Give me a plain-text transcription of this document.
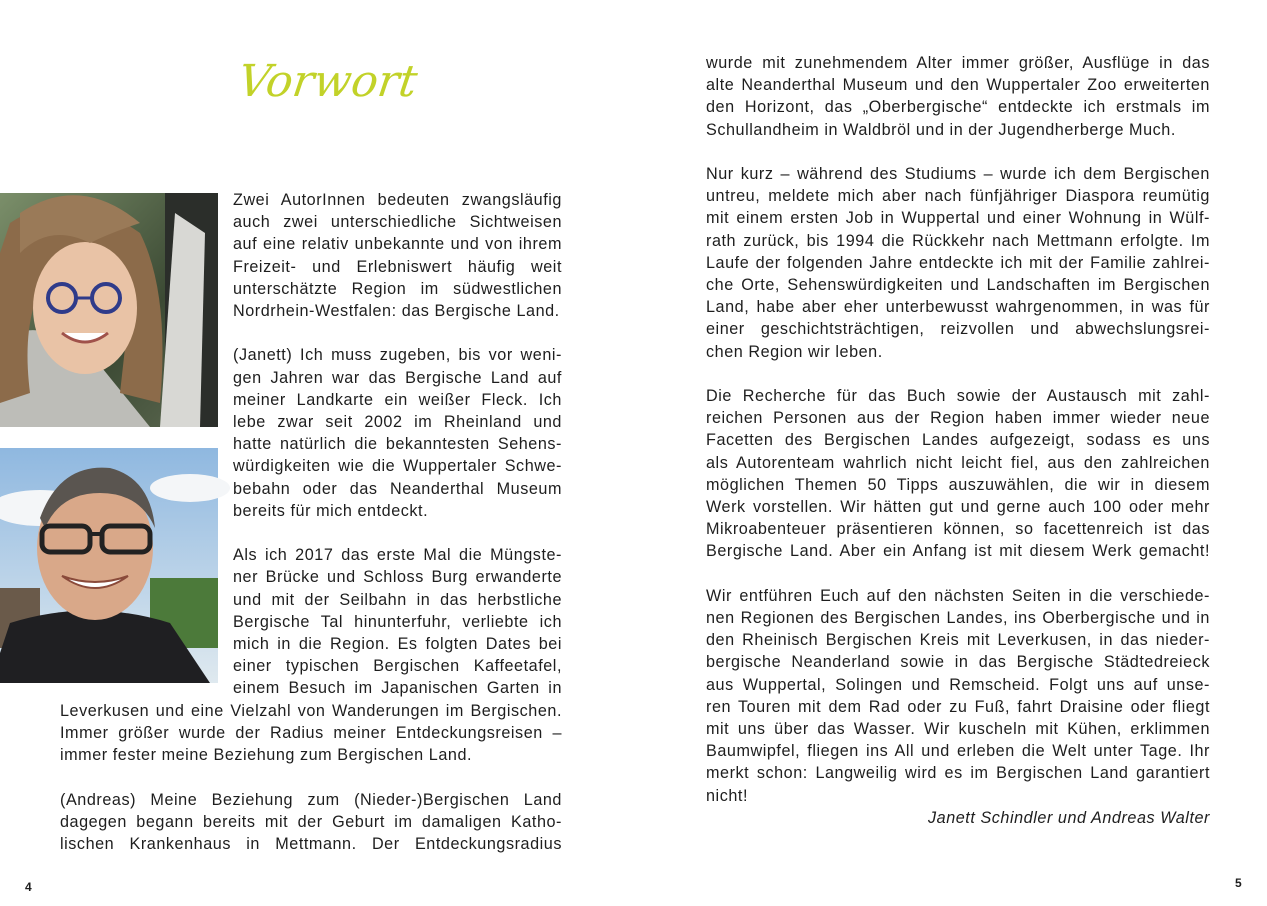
Vorwort

Zwei AutorInnen bedeuten zwangsläufig
auch zwei unterschiedliche Sichtweisen
auf eine relativ unbekannte und von ihrem
Freizeit- und Erlebniswert häufig weit
unterschätzte Region im südwestlichen
Nordrhein-Westfalen: das Bergische Land.

(Janett) Ich muss zugeben, bis vor weni-
gen Jahren war das Bergische Land auf
meiner Landkarte ein weißer Fleck. Ich
lebe zwar seit 2002 im Rheinland und
hatte natürlich die bekanntesten Sehens-
würdigkeiten wie die Wuppertaler Schwe-
bebahn oder das Neanderthal Museum
bereits für mich entdeckt.

Als ich 2017 das erste Mal die Müngste-
ner Brücke und Schloss Burg erwanderte
und mit der Seilbahn in das herbstliche
Bergische Tal hinunterfuhr, verliebte ich
mich in die Region. Es folgten Dates bei
einer typischen Bergischen Kaffeetafel,
einem Besuch im Japanischen Garten in

Leverkusen und eine Vielzahl von Wanderungen im Bergischen.
Immer größer wurde der Radius meiner Entdeckungsreisen –
immer fester meine Beziehung zum Bergischen Land.

(Andreas) Meine Beziehung zum (Nieder-)Bergischen Land
dagegen begann bereits mit der Geburt im damaligen Katho-
lischen Krankenhaus in Mettmann. Der Entdeckungsradius

wurde mit zunehmendem Alter immer größer, Ausflüge in das
alte Neanderthal Museum und den Wuppertaler Zoo erweiterten
den Horizont, das „Oberbergische“ entdeckte ich erstmals im
Schullandheim in Waldbröl und in der Jugendherberge Much.

Nur kurz – während des Studiums – wurde ich dem Bergischen
untreu, meldete mich aber nach fünfjähriger Diaspora reumütig
mit einem ersten Job in Wuppertal und einer Wohnung in Wülf-
rath zurück, bis 1994 die Rückkehr nach Mettmann erfolgte. Im
Laufe der folgenden Jahre entdeckte ich mit der Familie zahlrei-
che Orte, Sehenswürdigkeiten und Landschaften im Bergischen
Land, habe aber eher unterbewusst wahrgenommen, in was für
einer geschichtsträchtigen, reizvollen und abwechslungsrei-
chen Region wir leben.

Die Recherche für das Buch sowie der Austausch mit zahl-
reichen Personen aus der Region haben immer wieder neue
Facetten des Bergischen Landes aufgezeigt, sodass es uns
als Autorenteam wahrlich nicht leicht fiel, aus den zahlreichen
möglichen Themen 50 Tipps auszuwählen, die wir in diesem
Werk vorstellen. Wir hätten gut und gerne auch 100 oder mehr
Mikroabenteuer präsentieren können, so facettenreich ist das
Bergische Land. Aber ein Anfang ist mit diesem Werk gemacht!

Wir entführen Euch auf den nächsten Seiten in die verschiede-
nen Regionen des Bergischen Landes, ins Oberbergische und in
den Rheinisch Bergischen Kreis mit Leverkusen, in das nieder-
bergische Neanderland sowie in das Bergische Städtedreieck
aus Wuppertal, Solingen und Remscheid. Folgt uns auf unse-
ren Touren mit dem Rad oder zu Fuß, fahrt Draisine oder fliegt
mit uns über das Wasser. Wir kuscheln mit Kühen, erklimmen
Baumwipfel, fliegen ins All und erleben die Welt unter Tage. Ihr
merkt schon: Langweilig wird es im Bergischen Land garantiert
nicht!

Janett Schindler und Andreas Walter
4	5
